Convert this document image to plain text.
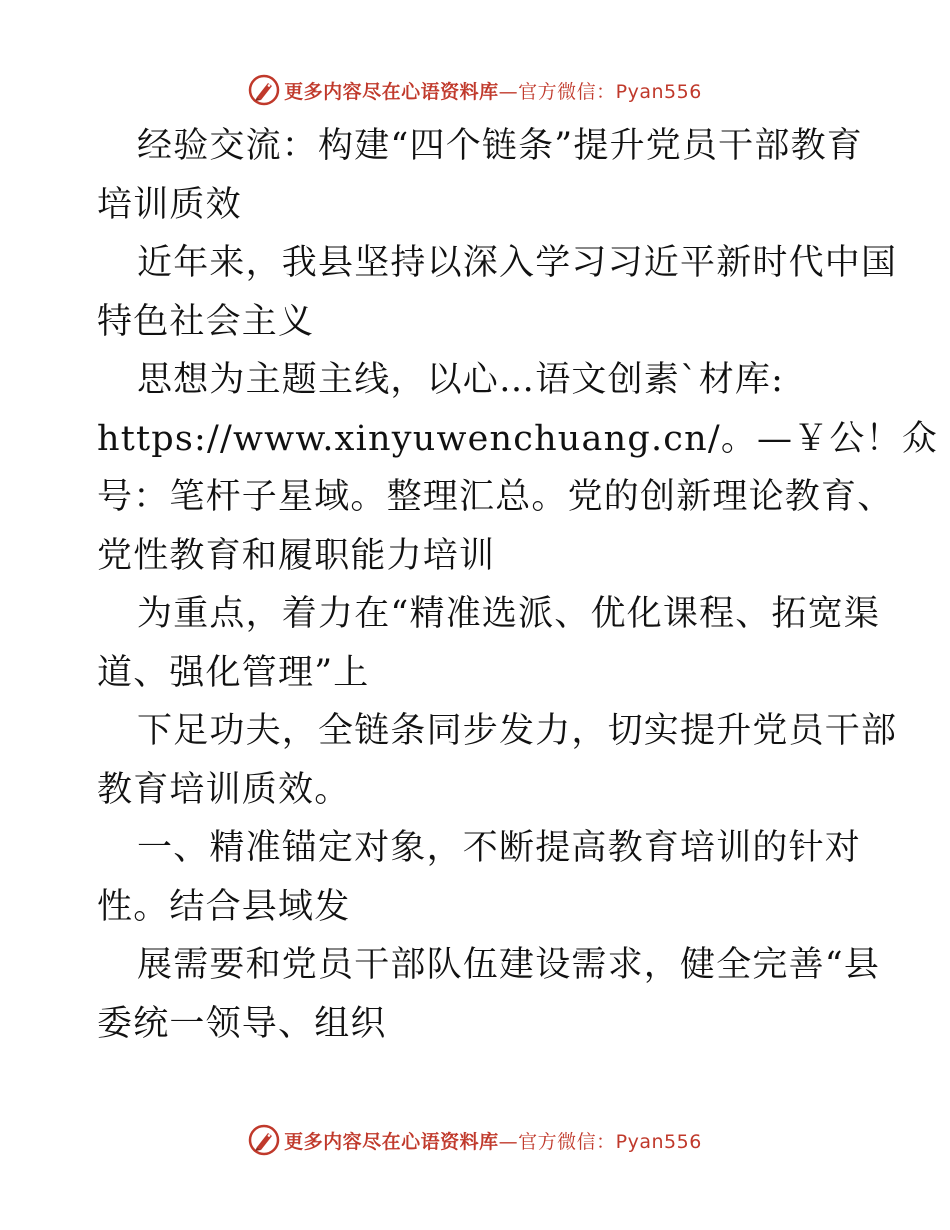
更多内容尽在心语资料库—官方微信：Pyan556
经验交流：构建“四个链条”提升党员干部教育
培训质效
近年来，我县坚持以深入学习习近平新时代中国
特色社会主义
思想为主题主线，以心…语文创素`材库:
https://www.xinyuwenchuang.cn/。—￥公！众
号：笔杆子星域。整理汇总。党的创新理论教育、
党性教育和履职能力培训
为重点，着力在“精准选派、优化课程、拓宽渠
道、强化管理”上
下足功夫，全链条同步发力，切实提升党员干部
教育培训质效。
一、精准锚定对象，不断提高教育培训的针对
性。结合县域发
展需要和党员干部队伍建设需求，健全完善“县
委统一领导、组织
更多内容尽在心语资料库—官方微信：Pyan556
